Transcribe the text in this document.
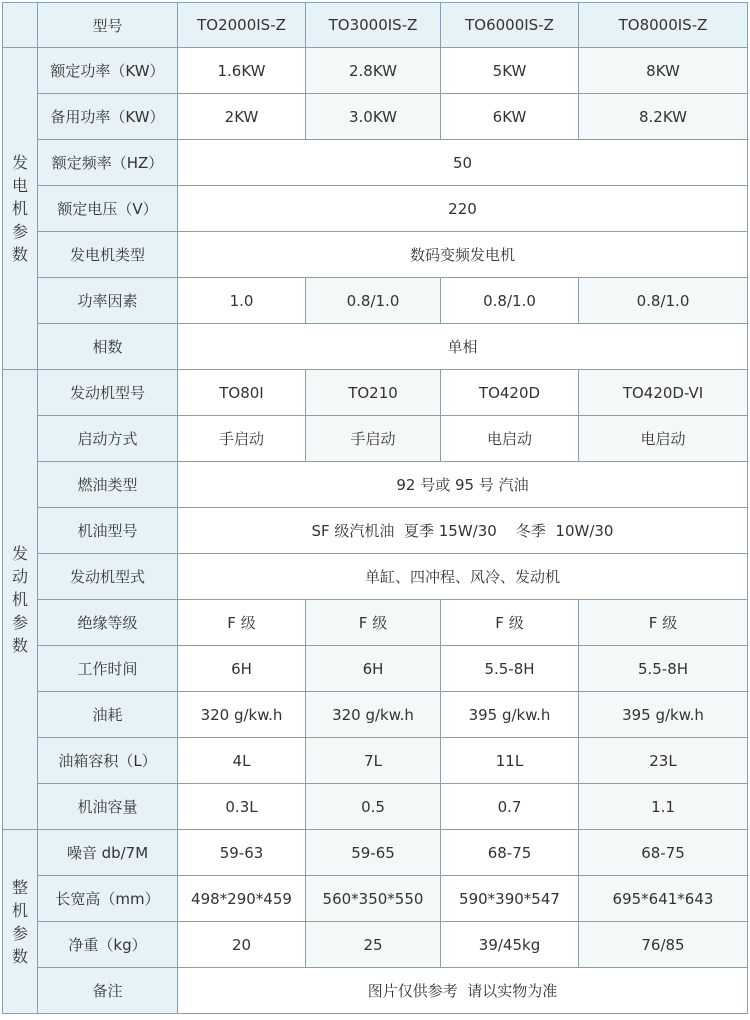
	型号	TO2000IS-Z	TO3000IS-Z	TO6000IS-Z	TO8000IS-Z

发
电
机
参
数	额定功率（KW）	1.6KW	2.8KW	5KW	8KW
	备用功率（KW）	2KW	3.0KW	6KW	8.2KW
	额定频率（HZ）	50			
	额定电压（V）	220			
	发电机类型	数码变频发电机			
	功率因素	1.0	0.8/1.0	0.8/1.0	0.8/1.0
	相数	单相			

发
动
机
参
数	发动机型号	TO80I	TO210	TO420D	TO420D-VI
	启动方式	手启动	手启动	电启动	电启动
	燃油类型	92 号或 95 号 汽油			
	机油型号	SF 级汽机油  夏季 15W/30    冬季  10W/30			
	发动机型式	单缸、四冲程、风冷、发动机			
	绝缘等级	F 级	F 级	F 级	F 级
	工作时间	6H	6H	5.5-8H	5.5-8H
	油耗	320 g/kw.h	320 g/kw.h	395 g/kw.h	395 g/kw.h
	油箱容积（L）	4L	7L	11L	23L
	机油容量	0.3L	0.5	0.7	1.1

整
机
参
数	噪音 db/7M	59-63	59-65	68-75	68-75
	长宽高（mm）	498*290*459	560*350*550	590*390*547	695*641*643
	净重（kg）	20	25	39/45kg	76/85
	备注	图片仅供参考  请以实物为准			
